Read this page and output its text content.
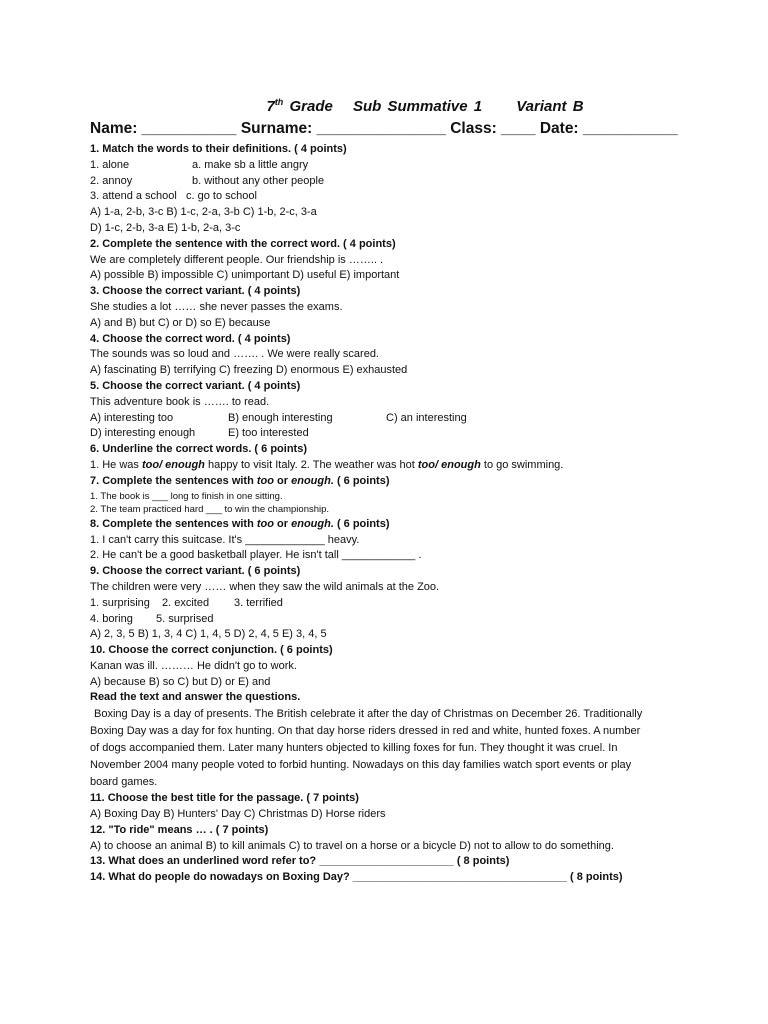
7th Grade Sub Summative 1 Variant B
Name: ___________ Surname: _______________ Class: ____ Date: ___________
1. Match the words to their definitions. ( 4 points)
1. alone	a. make sb a little angry
2. annoy	b. without any other people
3. attend a school c. go to school
A) 1-a, 2-b, 3-c B) 1-c, 2-a, 3-b C) 1-b, 2-c, 3-a
D) 1-c, 2-b, 3-a E) 1-b, 2-a, 3-c
2. Complete the sentence with the correct word. ( 4 points)
We are completely different people. Our friendship is …….. .
A) possible B) impossible C) unimportant D) useful E) important
3. Choose the correct variant. ( 4 points)
She studies a lot …… she never passes the exams.
A) and B) but C) or D) so E) because
4. Choose the correct word. ( 4 points)
The sounds was so loud and ……. . We were really scared.
A) fascinating B) terrifying C) freezing D) enormous E) exhausted
5. Choose the correct variant. ( 4 points)
This adventure book is ……. to read.
A) interesting too	B) enough interesting	C) an interesting
D) interesting enough	E) too interested
6. Underline the correct words. ( 6 points)
1. He was too/ enough happy to visit Italy. 2. The weather was hot too/ enough to go swimming.
7. Complete the sentences with too or enough. ( 6 points)
1. The book is ___ long to finish in one sitting.
2. The team practiced hard ___ to win the championship.
8. Complete the sentences with too or enough. ( 6 points)
1. I can't carry this suitcase. It's _____________ heavy.
2. He can't be a good basketball player. He isn't tall ____________ .
9. Choose the correct variant. ( 6 points)
The children were very …… when they saw the wild animals at the Zoo.
1. surprising 2. excited 3. terrified
4. boring 5. surprised
A) 2, 3, 5 B) 1, 3, 4 C) 1, 4, 5 D) 2, 4, 5 E) 3, 4, 5
10. Choose the correct conjunction. ( 6 points)
Kanan was ill. ……… He didn't go to work.
A) because B) so C) but D) or E) and
Read the text and answer the questions.
Boxing Day is a day of presents. The British celebrate it after the day of Christmas on December 26. Traditionally Boxing Day was a day for fox hunting. On that day horse riders dressed in red and white, hunted foxes. A number of dogs accompanied them. Later many hunters objected to killing foxes for fun. They thought it was cruel. In November 2004 many people voted to forbid hunting. Nowadays on this day families watch sport events or play board games.
11. Choose the best title for the passage. ( 7 points)
A) Boxing Day B) Hunters' Day C) Christmas D) Horse riders
12. "To ride" means … . ( 7 points)
A) to choose an animal B) to kill animals C) to travel on a horse or a bicycle D) not to allow to do something.
13. What does an underlined word refer to? ______________________ ( 8 points)
14. What do people do nowadays on Boxing Day? ___________________________________ ( 8 points)
